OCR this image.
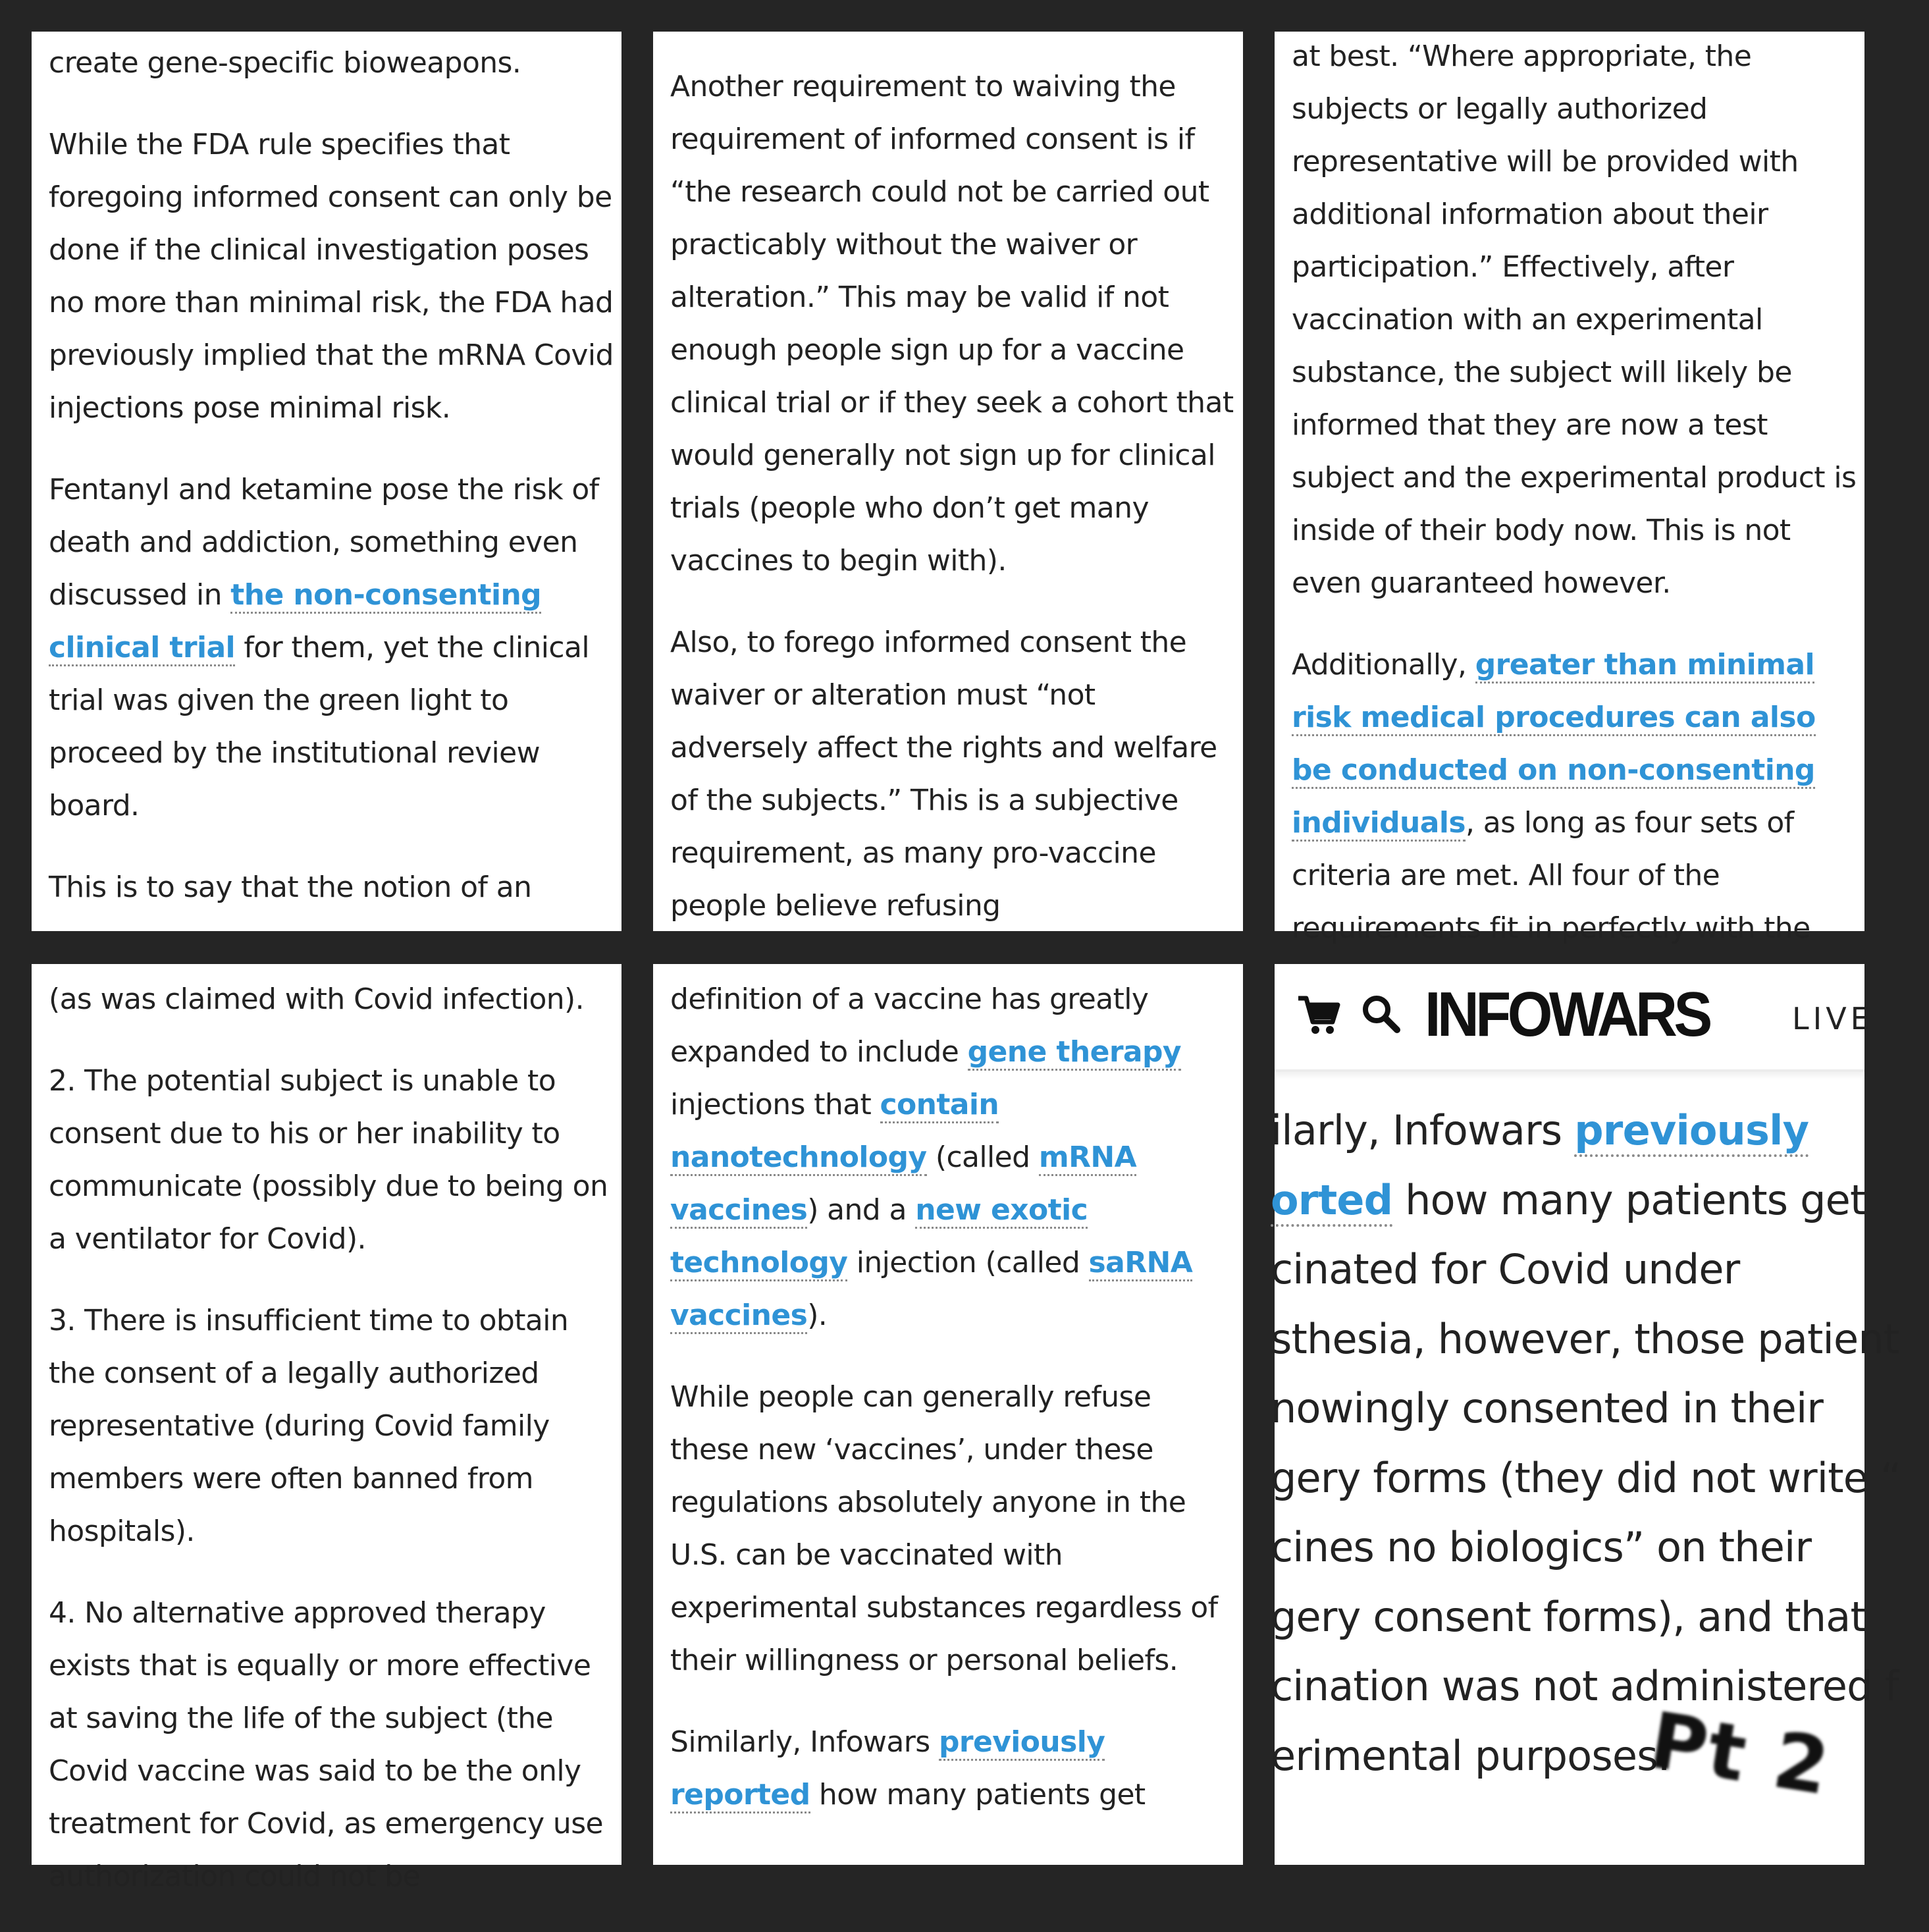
create gene-specific bioweapons.

While the FDA rule specifies that foregoing informed consent can only be done if the clinical investigation poses no more than minimal risk, the FDA had previously implied that the mRNA Covid injections pose minimal risk.

Fentanyl and ketamine pose the risk of death and addiction, something even discussed in the non-consenting clinical trial for them, yet the clinical trial was given the green light to proceed by the institutional review board.

This is to say that the notion of an

Another requirement to waiving the requirement of informed consent is if “the research could not be carried out practicably without the waiver or alteration.” This may be valid if not enough people sign up for a vaccine clinical trial or if they seek a cohort that would generally not sign up for clinical trials (people who don’t get many vaccines to begin with).

Also, to forego informed consent the waiver or alteration must “not adversely affect the rights and welfare of the subjects.” This is a subjective requirement, as many pro-vaccine people believe refusing

at best. “Where appropriate, the subjects or legally authorized representative will be provided with additional information about their participation.” Effectively, after vaccination with an experimental substance, the subject will likely be informed that they are now a test subject and the experimental product is inside of their body now. This is not even guaranteed however.

Additionally, greater than minimal risk medical procedures can also be conducted on non-consenting individuals, as long as four sets of criteria are met. All four of the requirements fit in perfectly with the

(as was claimed with Covid infection).

2. The potential subject is unable to consent due to his or her inability to communicate (possibly due to being on a ventilator for Covid).

3. There is insufficient time to obtain the consent of a legally authorized representative (during Covid family members were often banned from hospitals).

4. No alternative approved therapy exists that is equally or more effective at saving the life of the subject (the Covid vaccine was said to be the only treatment for Covid, as emergency use authorization could not be

definition of a vaccine has greatly expanded to include gene therapy injections that contain nanotechnology (called mRNA vaccines) and a new exotic technology injection (called saRNA vaccines).

While people can generally refuse these new ‘vaccines’, under these regulations absolutely anyone in the U.S. can be vaccinated with experimental substances regardless of their willingness or personal beliefs.

Similarly, Infowars previously reported how many patients get

INFOWARS	LIVE
ilarly, Infowars previously
orted how many patients get
cinated for Covid under
sthesia, however, those patient
nowingly consented in their
gery forms (they did not write “
cines no biologics” on their
gery consent forms), and that
cination was not administered f
erimental purposes.
Pt 2
